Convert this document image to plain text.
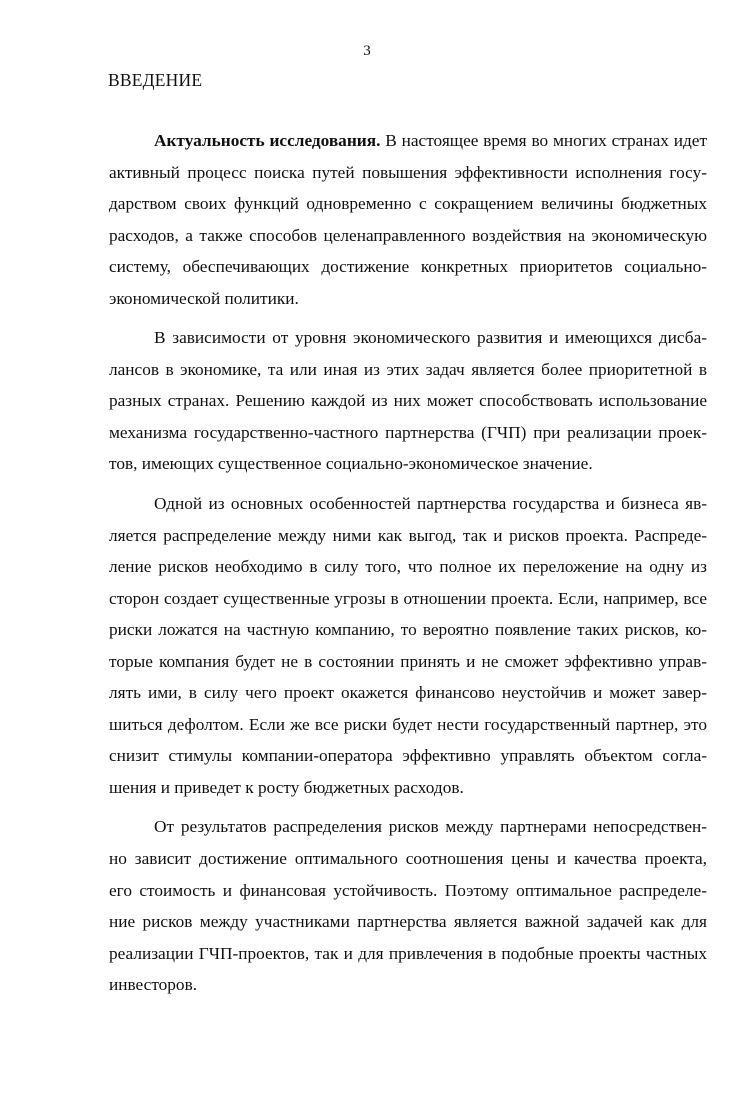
3
ВВЕДЕНИЕ
Актуальность исследования. В настоящее время во многих странах идет
активный процесс поиска путей повышения эффективности исполнения госу-
дарством своих функций одновременно с сокращением величины бюджетных
расходов, а также способов целенаправленного воздействия на экономическую
систему, обеспечивающих достижение конкретных приоритетов социально-
экономической политики.
В зависимости от уровня экономического развития и имеющихся дисба-
лансов в экономике, та или иная из этих задач является более приоритетной в
разных странах. Решению каждой из них может способствовать использование
механизма государственно-частного партнерства (ГЧП) при реализации проек-
тов, имеющих существенное социально-экономическое значение.
Одной из основных особенностей партнерства государства и бизнеса яв-
ляется распределение между ними как выгод, так и рисков проекта. Распреде-
ление рисков необходимо в силу того, что полное их переложение на одну из
сторон создает существенные угрозы в отношении проекта. Если, например, все
риски ложатся на частную компанию, то вероятно появление таких рисков, ко-
торые компания будет не в состоянии принять и не сможет эффективно управ-
лять ими, в силу чего проект окажется финансово неустойчив и может завер-
шиться дефолтом. Если же все риски будет нести государственный партнер, это
снизит стимулы компании-оператора эффективно управлять объектом согла-
шения и приведет к росту бюджетных расходов.
От результатов распределения рисков между партнерами непосредствен-
но зависит достижение оптимального соотношения цены и качества проекта,
его стоимость и финансовая устойчивость. Поэтому оптимальное распределе-
ние рисков между участниками партнерства является важной задачей как для
реализации ГЧП-проектов, так и для привлечения в подобные проекты частных
инвесторов.
